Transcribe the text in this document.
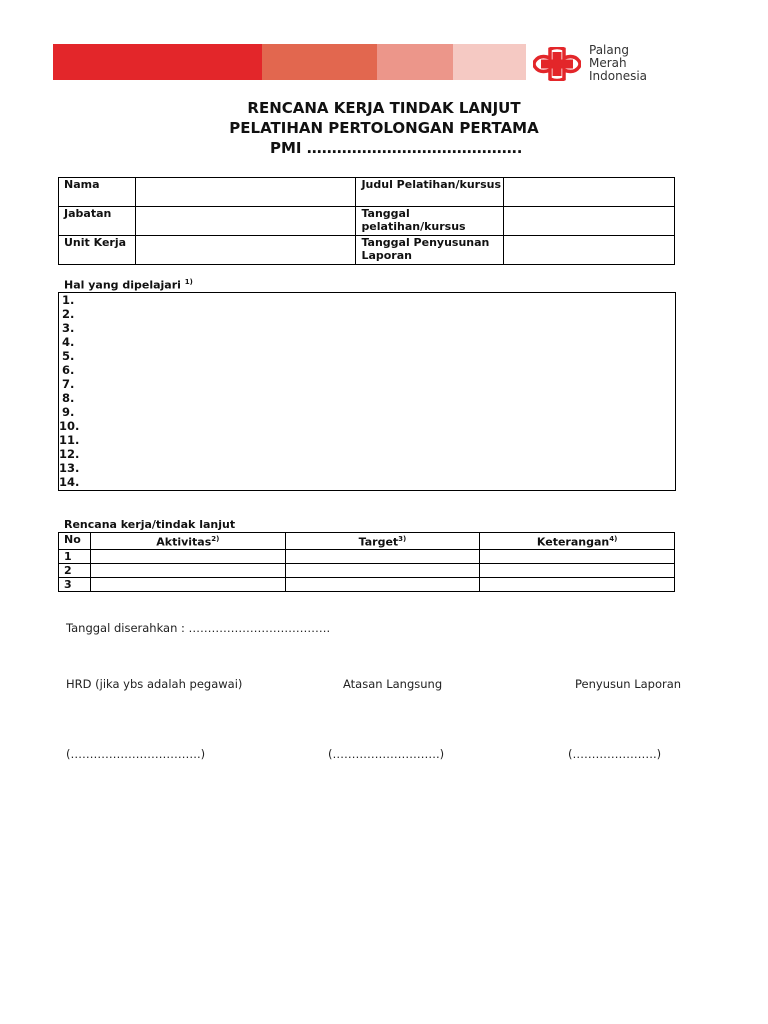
Palang
Merah
Indonesia
RENCANA KERJA TINDAK LANJUT
PELATIHAN PERTOLONGAN PERTAMA
PMI …………………………………….
Nama		Judul Pelatihan/kursus	
Jabatan		Tanggal pelatihan/kursus	
Unit Kerja		Tanggal Penyusunan Laporan	
Hal yang dipelajari $^{1)}$
1.
2.
3.
4.
5.
6.
7.
8.
9.
10.
11.
12.
13.
14.
Rencana kerja/tindak lanjut
No	Aktivitas$^{2)}$	Target$^{3)}$	Keterangan$^{4)}$
1			
2			
3			
Tanggal diserahkan : ……………………………….
HRD (jika ybs adalah pegawai)	Atasan Langsung	Penyusun Laporan
(…………………………….)	(……………………….)	(………………….)
